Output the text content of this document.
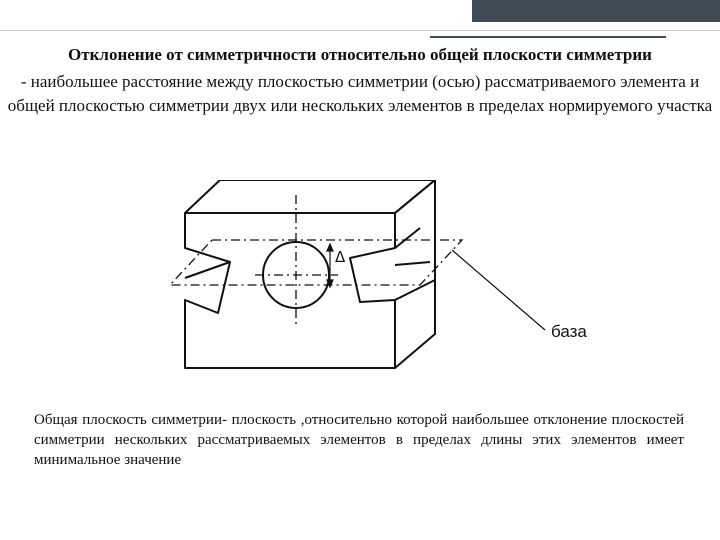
Отклонение от симметричности относительно общей плоскости симметрии
- наибольшее расстояние между плоскостью симметрии (осью) рассматриваемого элемента и общей плоскостью симметрии двух или нескольких элементов в пределах нормируемого участка
Δ
база
Общая плоскость симметрии- плоскость ,относительно которой наибольшее отклонение плоскостей симметрии нескольких рассматриваемых элементов в пределах длины этих элементов имеет минимальное значение
